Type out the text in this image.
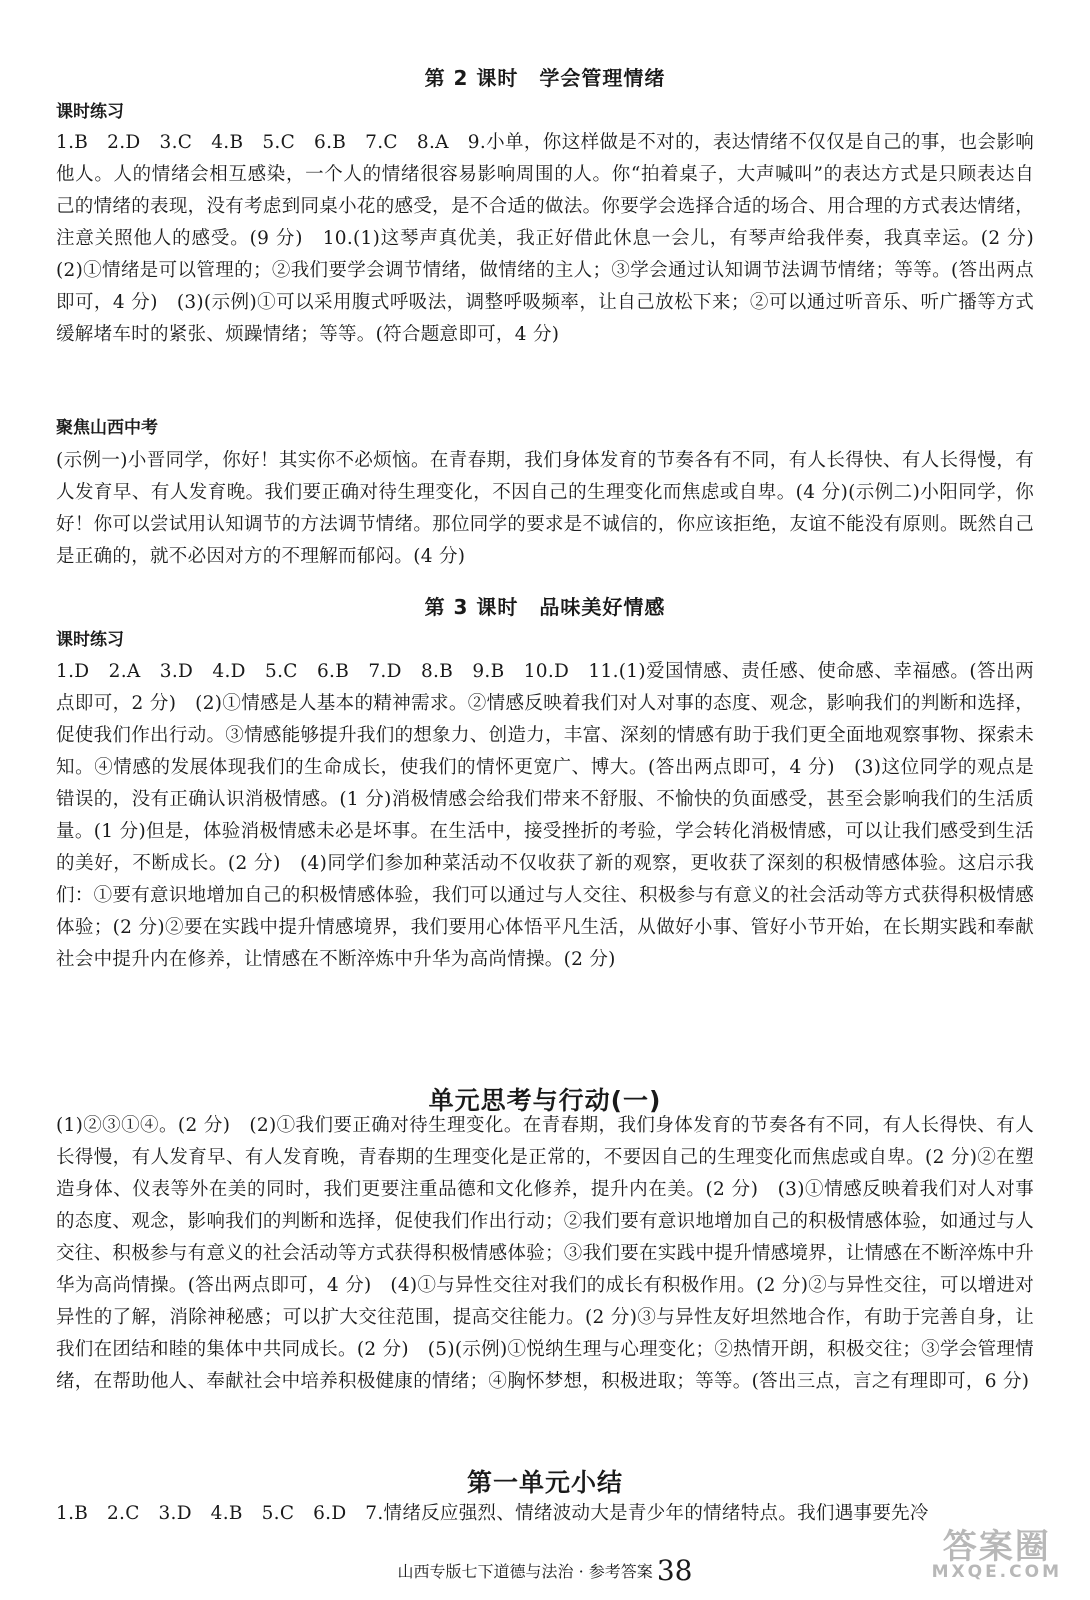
第 2 课时　学会管理情绪
课时练习
1.B　2.D　3.C　4.B　5.C　6.B　7.C　8.A　9.小单，你这样做是不对的，表达情绪不仅仅是自己的事，也会影响他人。人的情绪会相互感染，一个人的情绪很容易影响周围的人。你“拍着桌子，大声喊叫”的表达方式是只顾表达自己的情绪的表现，没有考虑到同桌小花的感受，是不合适的做法。你要学会选择合适的场合、用合理的方式表达情绪，注意关照他人的感受。(9 分)　10.(1)这琴声真优美，我正好借此休息一会儿，有琴声给我伴奏，我真幸运。(2 分)　(2)①情绪是可以管理的；②我们要学会调节情绪，做情绪的主人；③学会通过认知调节法调节情绪；等等。(答出两点即可，4 分)　(3)(示例)①可以采用腹式呼吸法，调整呼吸频率，让自己放松下来；②可以通过听音乐、听广播等方式缓解堵车时的紧张、烦躁情绪；等等。(符合题意即可，4 分)
聚焦山西中考
(示例一)小晋同学，你好！其实你不必烦恼。在青春期，我们身体发育的节奏各有不同，有人长得快、有人长得慢，有人发育早、有人发育晚。我们要正确对待生理变化，不因自己的生理变化而焦虑或自卑。(4 分)(示例二)小阳同学，你好！你可以尝试用认知调节的方法调节情绪。那位同学的要求是不诚信的，你应该拒绝，友谊不能没有原则。既然自己是正确的，就不必因对方的不理解而郁闷。(4 分)
第 3 课时　品味美好情感
课时练习
1.D　2.A　3.D　4.D　5.C　6.B　7.D　8.B　9.B　10.D　11.(1)爱国情感、责任感、使命感、幸福感。(答出两点即可，2 分)　(2)①情感是人基本的精神需求。②情感反映着我们对人对事的态度、观念，影响我们的判断和选择，促使我们作出行动。③情感能够提升我们的想象力、创造力，丰富、深刻的情感有助于我们更全面地观察事物、探索未知。④情感的发展体现我们的生命成长，使我们的情怀更宽广、博大。(答出两点即可，4 分)　(3)这位同学的观点是错误的，没有正确认识消极情感。(1 分)消极情感会给我们带来不舒服、不愉快的负面感受，甚至会影响我们的生活质量。(1 分)但是，体验消极情感未必是坏事。在生活中，接受挫折的考验，学会转化消极情感，可以让我们感受到生活的美好，不断成长。(2 分)　(4)同学们参加种菜活动不仅收获了新的观察，更收获了深刻的积极情感体验。这启示我们：①要有意识地增加自己的积极情感体验，我们可以通过与人交往、积极参与有意义的社会活动等方式获得积极情感体验；(2 分)②要在实践中提升情感境界，我们要用心体悟平凡生活，从做好小事、管好小节开始，在长期实践和奉献社会中提升内在修养，让情感在不断淬炼中升华为高尚情操。(2 分)
单元思考与行动(一)
(1)②③①④。(2 分)　(2)①我们要正确对待生理变化。在青春期，我们身体发育的节奏各有不同，有人长得快、有人长得慢，有人发育早、有人发育晚，青春期的生理变化是正常的，不要因自己的生理变化而焦虑或自卑。(2 分)②在塑造身体、仪表等外在美的同时，我们更要注重品德和文化修养，提升内在美。(2 分)　(3)①情感反映着我们对人对事的态度、观念，影响我们的判断和选择，促使我们作出行动；②我们要有意识地增加自己的积极情感体验，如通过与人交往、积极参与有意义的社会活动等方式获得积极情感体验；③我们要在实践中提升情感境界，让情感在不断淬炼中升华为高尚情操。(答出两点即可，4 分)　(4)①与异性交往对我们的成长有积极作用。(2 分)②与异性交往，可以增进对异性的了解，消除神秘感；可以扩大交往范围，提高交往能力。(2 分)③与异性友好坦然地合作，有助于完善自身，让我们在团结和睦的集体中共同成长。(2 分)　(5)(示例)①悦纳生理与心理变化；②热情开朗，积极交往；③学会管理情绪，在帮助他人、奉献社会中培养积极健康的情绪；④胸怀梦想，积极进取；等等。(答出三点，言之有理即可，6 分)
第一单元小结
1.B　2.C　3.D　4.B　5.C　6.D　7.情绪反应强烈、情绪波动大是青少年的情绪特点。我们遇事要先冷
山西专版七下道德与法治 · 参考答案 38
答案圈
MXQE.COM
